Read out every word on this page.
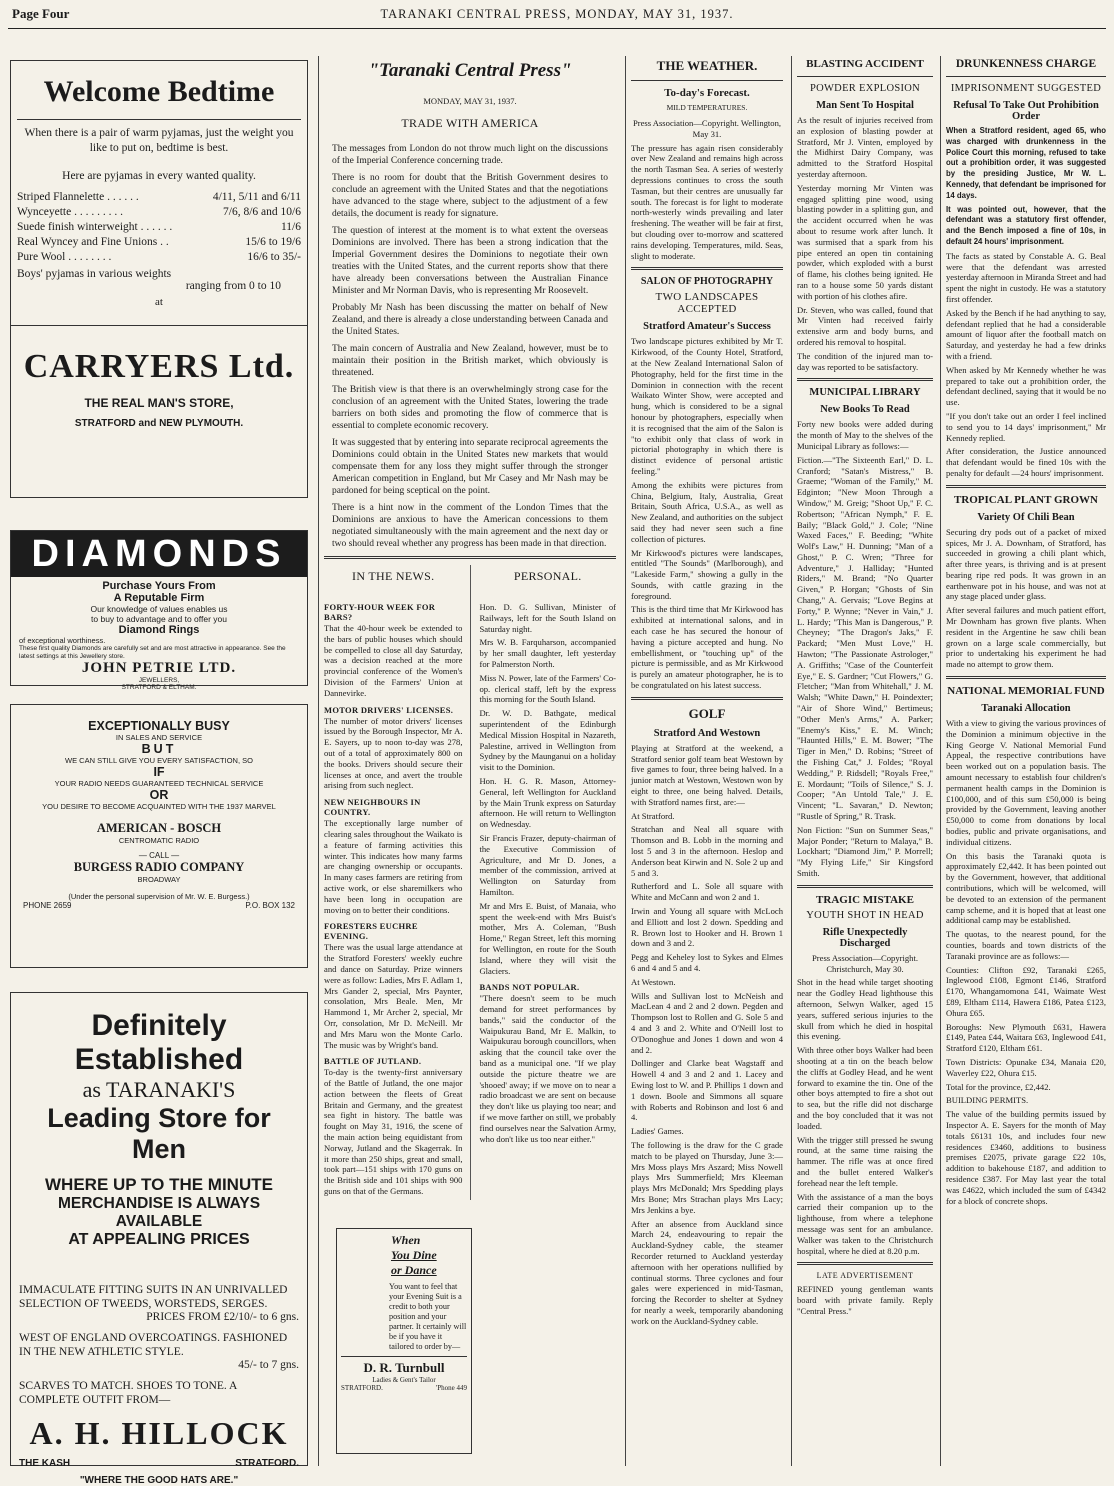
Page Four	TARANAKI CENTRAL PRESS, MONDAY, MAY 31, 1937.
Welcome Bedtime
When there is a pair of warm pyjamas, just the weight you like to put on, bedtime is best.
Here are pyjamas in every wanted quality.
Striped Flannelette . . . . . .	4/11, 5/11 and 6/11
Wynceyette . . . . . . . . .	7/6, 8/6 and 10/6
Suede finish winterweight . . . . . .	11/6
Real Wyncey and Fine Unions . .	15/6 to 19/6
Pure Wool . . . . . . . .	16/6 to 35/-
Boys' pyjamas in various weights
ranging from 0 to 10
at
CARRYERS Ltd.
THE REAL MAN'S STORE,
STRATFORD and NEW PLYMOUTH.
DIAMONDS
Purchase Yours From
A Reputable Firm
Our knowledge of values enables us
to buy to advantage and to offer you
Diamond Rings
of exceptional worthiness.
These first quality Diamonds are carefully set and are most attractive in appearance. See the latest settings at this Jewellery store.
JOHN PETRIE LTD.
JEWELLERS,
STRATFORD & ELTHAM.
EXCEPTIONALLY BUSY
IN SALES AND SERVICE
BUT
WE CAN STILL GIVE YOU EVERY SATISFACTION, SO
IF
YOUR RADIO NEEDS GUARANTEED TECHNICAL SERVICE
OR
YOU DESIRE TO BECOME ACQUAINTED WITH THE 1937 MARVEL
AMERICAN - BOSCH
CENTROMATIC RADIO
— CALL —
BURGESS RADIO COMPANY
BROADWAY
(Under the personal supervision of Mr. W. E. Burgess.)
PHONE 2659	P.O. BOX 132
Definitely Established
as TARANAKI'S
Leading Store for Men
WHERE UP TO THE MINUTE
MERCHANDISE IS ALWAYS AVAILABLE
AT APPEALING PRICES
IMMACULATE FITTING SUITS IN AN UNRIVALLED SELECTION OF TWEEDS, WORSTEDS, SERGES.
PRICES FROM £2/10/- to 6 gns.
WEST OF ENGLAND OVERCOATINGS. FASHIONED IN THE NEW ATHLETIC STYLE.
45/- to 7 gns.
SCARVES TO MATCH. SHOES TO TONE. A COMPLETE OUTFIT FROM—
A. H. HILLOCK
THE KASH	STRATFORD.
"WHERE THE GOOD HATS ARE."
"Taranaki Central Press"
MONDAY, MAY 31, 1937.
TRADE WITH AMERICA

The messages from London do not throw much light on the discussions of the Imperial Conference concerning trade.

There is no room for doubt that the British Government desires to conclude an agreement with the United States and that the negotiations have advanced to the stage where, subject to the adjustment of a few details, the document is ready for signature.

The question of interest at the moment is to what extent the overseas Dominions are involved. There has been a strong indication that the Imperial Government desires the Dominions to negotiate their own treaties with the United States, and the current reports show that there have already been conversations between the Australian Finance Minister and Mr Norman Davis, who is representing Mr Roosevelt.

Probably Mr Nash has been discussing the matter on behalf of New Zealand, and there is already a close understanding between Canada and the United States.

The main concern of Australia and New Zealand, however, must be to maintain their position in the British market, which obviously is threatened.

The British view is that there is an overwhelmingly strong case for the conclusion of an agreement with the United States, lowering the trade barriers on both sides and promoting the flow of commerce that is essential to complete economic recovery.

It was suggested that by entering into separate reciprocal agreements the Dominions could obtain in the United States new markets that would compensate them for any loss they might suffer through the stronger American competition in England, but Mr Casey and Mr Nash may be pardoned for being sceptical on the point.

There is a hint now in the comment of the London Times that the Dominions are anxious to have the American concessions to them negotiated simultaneously with the main agreement and the next day or two should reveal whether any progress has been made in that direction.

IN THE NEWS.
FORTY-HOUR WEEK FOR BARS?

That the 40-hour week be extended to the bars of public houses which should be compelled to close all day Saturday, was a decision reached at the more provincial conference of the Women's Division of the Farmers' Union at Dannevirke.

MOTOR DRIVERS' LICENSES.

The number of motor drivers' licenses issued by the Borough Inspector, Mr A. E. Sayers, up to noon to-day was 278, out of a total of approximately 800 on the books. Drivers should secure their licenses at once, and avert the trouble arising from such neglect.

NEW NEIGHBOURS IN COUNTRY.

The exceptionally large number of clearing sales throughout the Waikato is a feature of farming activities this winter. This indicates how many farms are changing ownership or occupants. In many cases farmers are retiring from active work, or else sharemilkers who have been long in occupation are moving on to better their conditions.

FORESTERS EUCHRE EVENING.

There was the usual large attendance at the Stratford Foresters' weekly euchre and dance on Saturday. Prize winners were as follow: Ladies, Mrs F. Adlam 1, Mrs Gander 2, special, Mrs Paynter, consolation, Mrs Beale. Men, Mr Hammond 1, Mr Archer 2, special, Mr Orr, consolation, Mr D. McNeill. Mr and Mrs Maru won the Monte Carlo. The music was by Wright's band.

BATTLE OF JUTLAND.

To-day is the twenty-first anniversary of the Battle of Jutland, the one major action between the fleets of Great Britain and Germany, and the greatest sea fight in history. The battle was fought on May 31, 1916, the scene of the main action being equidistant from Norway, Jutland and the Skagerrak. In it more than 250 ships, great and small, took part—151 ships with 170 guns on the British side and 101 ships with 900 guns on that of the Germans.

PERSONAL.

Hon. D. G. Sullivan, Minister of Railways, left for the South Island on Saturday night.

Mrs W. B. Farquharson, accompanied by her small daughter, left yesterday for Palmerston North.

Miss N. Power, late of the Farmers' Co-op. clerical staff, left by the express this morning for the South Island.

Dr. W. D. Bathgate, medical superintendent of the Edinburgh Medical Mission Hospital in Nazareth, Palestine, arrived in Wellington from Sydney by the Maunganui on a holiday visit to the Dominion.

Hon. H. G. R. Mason, Attorney-General, left Wellington for Auckland by the Main Trunk express on Saturday afternoon. He will return to Wellington on Wednesday.

Sir Francis Frazer, deputy-chairman of the Executive Commission of Agriculture, and Mr D. Jones, a member of the commission, arrived at Wellington on Saturday from Hamilton.

Mr and Mrs E. Buist, of Manaia, who spent the week-end with Mrs Buist's mother, Mrs A. Coleman, "Bush Home," Regan Street, left this morning for Wellington, en route for the South Island, where they will visit the Glaciers.

BANDS NOT POPULAR.
"There doesn't seem to be much demand for street performances by bands," said the conductor of the Waipukurau Band, Mr E. Malkin, to Waipukurau borough councillors, when asking that the council take over the band as a municipal one. "If we play outside the picture theatre we are 'shooed' away; if we move on to near a radio broadcast we are sent on because they don't like us playing too near; and if we move farther on still, we probably find ourselves near the Salvation Army, who don't like us too near either."
When
You Dine
or Dance
You want to feel that your Evening Suit is a credit to both your position and your partner. It certainly will be if you have it tailored to order by—
D. R. Turnbull
Ladies & Gent's Tailor
STRATFORD.	'Phone 449
THE WEATHER.
To-day's Forecast.
MILD TEMPERATURES.
Press Association—Copyright. Wellington, May 31.
The pressure has again risen considerably over New Zealand and remains high across the north Tasman Sea. A series of westerly depressions continues to cross the south Tasman, but their centres are unusually far south. The forecast is for light to moderate north-westerly winds prevailing and later freshening. The weather will be fair at first, but clouding over to-morrow and scattered rains developing. Temperatures, mild. Seas, slight to moderate.
SALON OF PHOTOGRAPHY
TWO LANDSCAPES ACCEPTED
Stratford Amateur's Success

Two landscape pictures exhibited by Mr T. Kirkwood, of the County Hotel, Stratford, at the New Zealand International Salon of Photography, held for the first time in the Dominion in connection with the recent Waikato Winter Show, were accepted and hung, which is considered to be a signal honour by photographers, especially when it is recognised that the aim of the Salon is "to exhibit only that class of work in pictorial photography in which there is distinct evidence of personal artistic feeling."

Among the exhibits were pictures from China, Belgium, Italy, Australia, Great Britain, South Africa, U.S.A., as well as New Zealand, and authorities on the subject said they had never seen such a fine collection of pictures.

Mr Kirkwood's pictures were landscapes, entitled "The Sounds" (Marlborough), and "Lakeside Farm," showing a gully in the Sounds, with cattle grazing in the foreground.

This is the third time that Mr Kirkwood has exhibited at international salons, and in each case he has secured the honour of having a picture accepted and hung. No embellishment, or "touching up" of the picture is permissible, and as Mr Kirkwood is purely an amateur photographer, he is to be congratulated on his latest success.

GOLF
Stratford And Westown

Playing at Stratford at the weekend, a Stratford senior golf team beat Westown by five games to four, three being halved. In a junior match at Westown, Westown won by eight to three, one being halved. Details, with Stratford names first, are:—

At Stratford.

Stratchan and Neal all square with Thomson and B. Lobb in the morning and lost 5 and 3 in the afternoon. Heslop and Anderson beat Kirwin and N. Sole 2 up and 5 and 3.

Rutherford and L. Sole all square with White and McCann and won 2 and 1.

Irwin and Young all square with McLoch and Elliott and lost 2 down. Spedding and R. Brown lost to Hooker and H. Brown 1 down and 3 and 2.

Pegg and Keheley lost to Sykes and Elmes 6 and 4 and 5 and 4.

At Westown.

Wills and Sullivan lost to McNeish and MacLean 4 and 2 and 2 down. Pegden and Thompson lost to Rollen and G. Sole 5 and 4 and 3 and 2. White and O'Neill lost to O'Donoghue and Jones 1 down and won 4 and 2.

Dollinger and Clarke beat Wagstaff and Howell 4 and 3 and 2 and 1. Lacey and Ewing lost to W. and P. Phillips 1 down and 1 down. Boole and Simmons all square with Roberts and Robinson and lost 6 and 4.

Ladies' Games.

The following is the draw for the C grade match to be played on Thursday, June 3:—Mrs Moss plays Mrs Aszard; Miss Nowell plays Mrs Summerfield; Mrs Kleeman plays Mrs McDonald; Mrs Spedding plays Mrs Bone; Mrs Strachan plays Mrs Lacy; Mrs Jenkins a bye.

After an absence from Auckland since March 24, endeavouring to repair the Auckland-Sydney cable, the steamer Recorder returned to Auckland yesterday afternoon with her operations nullified by continual storms. Three cyclones and four gales were experienced in mid-Tasman, forcing the Recorder to shelter at Sydney for nearly a week, temporarily abandoning work on the Auckland-Sydney cable.

BLASTING ACCIDENT
POWDER EXPLOSION
Man Sent To Hospital

As the result of injuries received from an explosion of blasting powder at Stratford, Mr J. Vinten, employed by the Midhirst Dairy Company, was admitted to the Stratford Hospital yesterday afternoon.

Yesterday morning Mr Vinten was engaged splitting pine wood, using blasting powder in a splitting gun, and the accident occurred when he was about to resume work after lunch. It was surmised that a spark from his pipe entered an open tin containing powder, which exploded with a burst of flame, his clothes being ignited. He ran to a house some 50 yards distant with portion of his clothes afire.

Dr. Steven, who was called, found that Mr Vinten had received fairly extensive arm and body burns, and ordered his removal to hospital.

The condition of the injured man to-day was reported to be satisfactory.

MUNICIPAL LIBRARY
New Books To Read

Forty new books were added during the month of May to the shelves of the Municipal Library as follows:—

Fiction.—"The Sixteenth Earl," D. L. Cranford; "Satan's Mistress," B. Graeme; "Woman of the Family," M. Edginton; "New Moon Through a Window," M. Greig; "Shoot Up," F. C. Robertson; "African Nymph," F. E. Baily; "Black Gold," J. Cole; "Nine Waxed Faces," F. Beeding; "White Wolf's Law," H. Dunning; "Man of a Ghost," P. C. Wren; "Three for Adventure," J. Halliday; "Hunted Riders," M. Brand; "No Quarter Given," P. Horgan; "Ghosts of Sin Chang," A. Gervais; "Love Begins at Forty," P. Wynne; "Never in Vain," J. L. Hardy; "This Man is Dangerous," P. Cheyney; "The Dragon's Jaks," F. Packard; "Men Must Love," H. Hawton; "The Passionate Astrologer," A. Griffiths; "Case of the Counterfeit Eye," E. S. Gardner; "Cut Flowers," G. Fletcher; "Man from Whitehall," J. M. Walsh; "White Dawn," H. Poindexter; "Air of Shore Wind," Bertimeus; "Other Men's Arms," A. Parker; "Enemy's Kiss," E. M. Winch; "Haunted Hills," E. M. Bower; "The Tiger in Men," D. Robins; "Street of the Fishing Cat," J. Foldes; "Royal Wedding," P. Ridsdell; "Royals Free," E. Mordaunt; "Toils of Silence," S. J. Cooper; "An Untold Tale," J. E. Vincent; "L. Savaran," D. Newton; "Rustle of Spring," R. Trask.

Non Fiction: "Sun on Summer Seas," Major Ponder; "Return to Malaya," B. Lockhart; "Diamond Jim," P. Morrell; "My Flying Life," Sir Kingsford Smith.

TRAGIC MISTAKE
YOUTH SHOT IN HEAD
Rifle Unexpectedly Discharged
Press Association—Copyright. Christchurch, May 30.

Shot in the head while target shooting near the Godley Head lighthouse this afternoon, Selwyn Walker, aged 15 years, suffered serious injuries to the skull from which he died in hospital this evening.

With three other boys Walker had been shooting at a tin on the beach below the cliffs at Godley Head, and he went forward to examine the tin. One of the other boys attempted to fire a shot out to sea, but the rifle did not discharge and the boy concluded that it was not loaded.

With the trigger still pressed he swung round, at the same time raising the hammer. The rifle was at once fired and the bullet entered Walker's forehead near the left temple.

With the assistance of a man the boys carried their companion up to the lighthouse, from where a telephone message was sent for an ambulance. Walker was taken to the Christchurch hospital, where he died at 8.20 p.m.

LATE ADVERTISEMENT
REFINED young gentleman wants board with private family. Reply "Central Press."
DRUNKENNESS CHARGE
IMPRISONMENT SUGGESTED
Refusal To Take Out Prohibition Order
When a Stratford resident, aged 65, who was charged with drunkenness in the Police Court this morning, refused to take out a prohibition order, it was suggested by the presiding Justice, Mr W. L. Kennedy, that defendant be imprisoned for 14 days.
It was pointed out, however, that the defendant was a statutory first offender, and the Bench imposed a fine of 10s, in default 24 hours' imprisonment.

The facts as stated by Constable A. G. Beal were that the defendant was arrested yesterday afternoon in Miranda Street and had spent the night in custody. He was a statutory first offender.

Asked by the Bench if he had anything to say, defendant replied that he had a considerable amount of liquor after the football match on Saturday, and yesterday he had a few drinks with a friend.

When asked by Mr Kennedy whether he was prepared to take out a prohibition order, the defendant declined, saying that it would be no use.

"If you don't take out an order I feel inclined to send you to 14 days' imprisonment," Mr Kennedy replied.

After consideration, the Justice announced that defendant would be fined 10s with the penalty for default —24 hours' imprisonment.

TROPICAL PLANT GROWN
Variety Of Chili Bean

Securing dry pods out of a packet of mixed spices, Mr J. A. Downham, of Stratford, has succeeded in growing a chili plant which, after three years, is thriving and is at present bearing ripe red pods. It was grown in an earthenware pot in his house, and was not at any stage placed under glass.

After several failures and much patient effort, Mr Downham has grown five plants. When resident in the Argentine he saw chili bean grown on a large scale commercially, but prior to undertaking his experiment he had made no attempt to grow them.

NATIONAL MEMORIAL FUND
Taranaki Allocation

With a view to giving the various provinces of the Dominion a minimum objective in the King George V. National Memorial Fund Appeal, the respective contributions have been worked out on a population basis. The amount necessary to establish four children's permanent health camps in the Dominion is £100,000, and of this sum £50,000 is being provided by the Government, leaving another £50,000 to come from donations by local bodies, public and private organisations, and individual citizens.

On this basis the Taranaki quota is approximately £2,442. It has been pointed out by the Government, however, that additional contributions, which will be welcomed, will be devoted to an extension of the permanent camp scheme, and it is hoped that at least one additional camp may be established.

The quotas, to the nearest pound, for the counties, boards and town districts of the Taranaki province are as follows:—

Counties: Clifton £92, Taranaki £265, Inglewood £108, Egmont £146, Stratford £170, Whangamomona £41, Waimate West £89, Eltham £114, Hawera £186, Patea £123, Ohura £65.

Boroughs: New Plymouth £631, Hawera £149, Patea £44, Waitara £63, Inglewood £41, Stratford £120, Eltham £61.

Town Districts: Opunake £34, Manaia £20, Waverley £22, Ohura £15.

Total for the province, £2,442.

BUILDING PERMITS.

The value of the building permits issued by Inspector A. E. Sayers for the month of May totals £6131 10s, and includes four new residences £3460, additions to business premises £2075, private garage £22 10s, addition to bakehouse £187, and addition to residence £387. For May last year the total was £4622, which included the sum of £4342 for a block of concrete shops.
